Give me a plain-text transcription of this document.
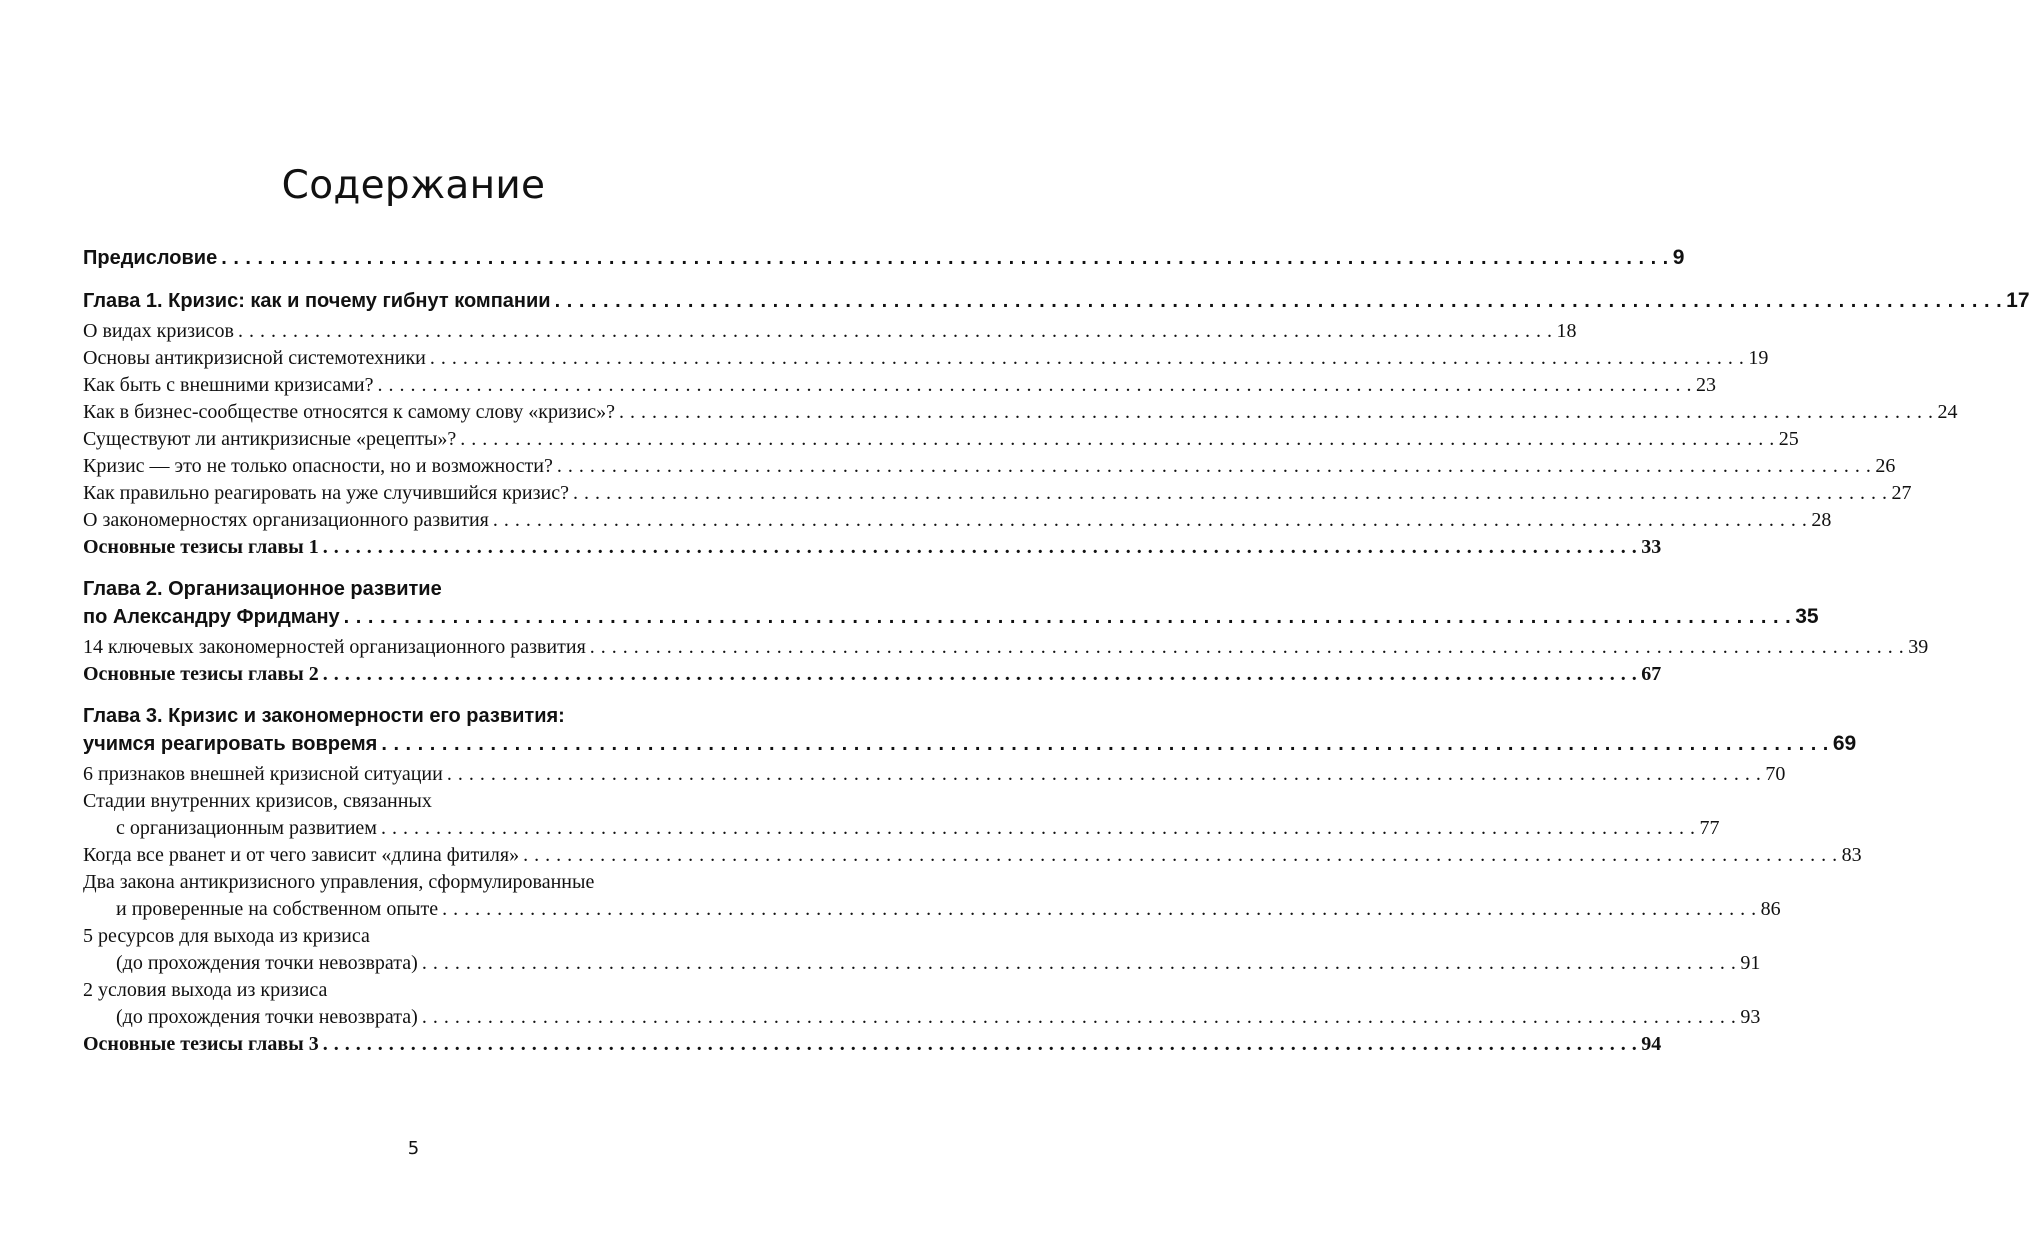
Содержание
Предисловие . . . . . . . . . . . . . . . . . . . . . . . . . . . . . . . . . . . . . . . . . . . . . . . . . . . . . . . . . . . . . . . . . . . . . . . . . . . . . . . . . . . . . . . . . . . . . . . . . . . . . . . . . . . . . . . . . . . . . . . . 9
Глава 1. Кризис: как и почему гибнут компании . . . . . . . . . . . . . . . . . . . . . . . . . . . . . . . . . . . . . . . . . . . . . . . . . . . . . . . . . . . . . . . . . . . . . . . . . . . . . . . . . . . . . . . . . . . . . . . . . . . . . . . . . . . . . . . . . . . . . . . . 17
О видах кризисов . . . . . . . . . . . . . . . . . . . . . . . . . . . . . . . . . . . . . . . . . . . . . . . . . . . . . . . . . . . . . . . . . . . . . . . . . . . . . . . . . . . . . . . . . . . . . . . . . . . . . . . . . . . . . . . . . . . . . . . . 18
Основы антикризисной системотехники . . . . . . . . . . . . . . . . . . . . . . . . . . . . . . . . . . . . . . . . . . . . . . . . . . . . . . . . . . . . . . . . . . . . . . . . . . . . . . . . . . . . . . . . . . . . . . . . . . . . . . . . . . . . . . . . . . . . . . . . 19
Как быть с внешними кризисами? . . . . . . . . . . . . . . . . . . . . . . . . . . . . . . . . . . . . . . . . . . . . . . . . . . . . . . . . . . . . . . . . . . . . . . . . . . . . . . . . . . . . . . . . . . . . . . . . . . . . . . . . . . . . . . . . . . . . . . . . 23
Как в бизнес-сообществе относятся к самому слову «кризис»? . . . . . . . . . . . . . . . . . . . . . . . . . . . . . . . . . . . . . . . . . . . . . . . . . . . . . . . . . . . . . . . . . . . . . . . . . . . . . . . . . . . . . . . . . . . . . . . . . . . . . . . . . . . . . . . . . . . . . . . . 24
Существуют ли антикризисные «рецепты»? . . . . . . . . . . . . . . . . . . . . . . . . . . . . . . . . . . . . . . . . . . . . . . . . . . . . . . . . . . . . . . . . . . . . . . . . . . . . . . . . . . . . . . . . . . . . . . . . . . . . . . . . . . . . . . . . . . . . . . . . 25
Кризис — это не только опасности, но и возможности? . . . . . . . . . . . . . . . . . . . . . . . . . . . . . . . . . . . . . . . . . . . . . . . . . . . . . . . . . . . . . . . . . . . . . . . . . . . . . . . . . . . . . . . . . . . . . . . . . . . . . . . . . . . . . . . . . . . . . . . . 26
Как правильно реагировать на уже случившийся кризис? . . . . . . . . . . . . . . . . . . . . . . . . . . . . . . . . . . . . . . . . . . . . . . . . . . . . . . . . . . . . . . . . . . . . . . . . . . . . . . . . . . . . . . . . . . . . . . . . . . . . . . . . . . . . . . . . . . . . . . . . 27
О закономерностях организационного развития . . . . . . . . . . . . . . . . . . . . . . . . . . . . . . . . . . . . . . . . . . . . . . . . . . . . . . . . . . . . . . . . . . . . . . . . . . . . . . . . . . . . . . . . . . . . . . . . . . . . . . . . . . . . . . . . . . . . . . . . 28
Основные тезисы главы 1 . . . . . . . . . . . . . . . . . . . . . . . . . . . . . . . . . . . . . . . . . . . . . . . . . . . . . . . . . . . . . . . . . . . . . . . . . . . . . . . . . . . . . . . . . . . . . . . . . . . . . . . . . . . . . . . . . . . . . . . . 33
Глава 2. Организационное развитие
по Александру Фридману . . . . . . . . . . . . . . . . . . . . . . . . . . . . . . . . . . . . . . . . . . . . . . . . . . . . . . . . . . . . . . . . . . . . . . . . . . . . . . . . . . . . . . . . . . . . . . . . . . . . . . . . . . . . . . . . . . . . . . . . 35
14 ключевых закономерностей организационного развития . . . . . . . . . . . . . . . . . . . . . . . . . . . . . . . . . . . . . . . . . . . . . . . . . . . . . . . . . . . . . . . . . . . . . . . . . . . . . . . . . . . . . . . . . . . . . . . . . . . . . . . . . . . . . . . . . . . . . . . . 39
Основные тезисы главы 2 . . . . . . . . . . . . . . . . . . . . . . . . . . . . . . . . . . . . . . . . . . . . . . . . . . . . . . . . . . . . . . . . . . . . . . . . . . . . . . . . . . . . . . . . . . . . . . . . . . . . . . . . . . . . . . . . . . . . . . . . 67
Глава 3. Кризис и закономерности его развития:
учимся реагировать вовремя . . . . . . . . . . . . . . . . . . . . . . . . . . . . . . . . . . . . . . . . . . . . . . . . . . . . . . . . . . . . . . . . . . . . . . . . . . . . . . . . . . . . . . . . . . . . . . . . . . . . . . . . . . . . . . . . . . . . . . . . 69
6 признаков внешней кризисной ситуации . . . . . . . . . . . . . . . . . . . . . . . . . . . . . . . . . . . . . . . . . . . . . . . . . . . . . . . . . . . . . . . . . . . . . . . . . . . . . . . . . . . . . . . . . . . . . . . . . . . . . . . . . . . . . . . . . . . . . . . . 70
Стадии внутренних кризисов, связанных
с организационным развитием . . . . . . . . . . . . . . . . . . . . . . . . . . . . . . . . . . . . . . . . . . . . . . . . . . . . . . . . . . . . . . . . . . . . . . . . . . . . . . . . . . . . . . . . . . . . . . . . . . . . . . . . . . . . . . . . . . . . . . . . 77
Когда все рванет и от чего зависит «длина фитиля» . . . . . . . . . . . . . . . . . . . . . . . . . . . . . . . . . . . . . . . . . . . . . . . . . . . . . . . . . . . . . . . . . . . . . . . . . . . . . . . . . . . . . . . . . . . . . . . . . . . . . . . . . . . . . . . . . . . . . . . . 83
Два закона антикризисного управления, сформулированные
и проверенные на собственном опыте . . . . . . . . . . . . . . . . . . . . . . . . . . . . . . . . . . . . . . . . . . . . . . . . . . . . . . . . . . . . . . . . . . . . . . . . . . . . . . . . . . . . . . . . . . . . . . . . . . . . . . . . . . . . . . . . . . . . . . . . 86
5 ресурсов для выхода из кризиса
(до прохождения точки невозврата) . . . . . . . . . . . . . . . . . . . . . . . . . . . . . . . . . . . . . . . . . . . . . . . . . . . . . . . . . . . . . . . . . . . . . . . . . . . . . . . . . . . . . . . . . . . . . . . . . . . . . . . . . . . . . . . . . . . . . . . . 91
2 условия выхода из кризиса
(до прохождения точки невозврата) . . . . . . . . . . . . . . . . . . . . . . . . . . . . . . . . . . . . . . . . . . . . . . . . . . . . . . . . . . . . . . . . . . . . . . . . . . . . . . . . . . . . . . . . . . . . . . . . . . . . . . . . . . . . . . . . . . . . . . . . 93
Основные тезисы главы 3 . . . . . . . . . . . . . . . . . . . . . . . . . . . . . . . . . . . . . . . . . . . . . . . . . . . . . . . . . . . . . . . . . . . . . . . . . . . . . . . . . . . . . . . . . . . . . . . . . . . . . . . . . . . . . . . . . . . . . . . . 94
5
